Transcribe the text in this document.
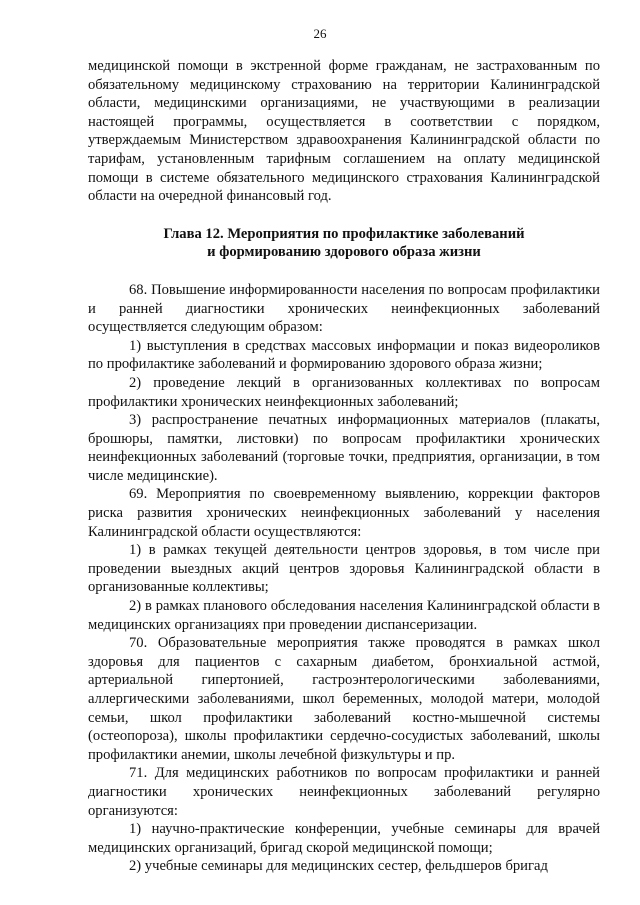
26

медицинской помощи в экстренной форме гражданам, не застрахованным по обязательному медицинскому страхованию на территории Калининградской области, медицинскими организациями, не участвующими в реализации настоящей программы, осуществляется в соответствии с порядком, утверждаемым Министерством здравоохранения Калининградской области по тарифам, установленным тарифным соглашением на оплату медицинской помощи в системе обязательного медицинского страхования Калининградской области на очередной финансовый год.

Глава 12. Мероприятия по профилактике заболеваний
и формированию здорового образа жизни

68. Повышение информированности населения по вопросам профилактики и ранней диагностики хронических неинфекционных заболеваний осуществляется следующим образом:

1) выступления в средствах массовых информации и показ видеороликов по профилактике заболеваний и формированию здорового образа жизни;

2) проведение лекций в организованных коллективах по вопросам профилактики хронических неинфекционных заболеваний;

3) распространение печатных информационных материалов (плакаты, брошюры, памятки, листовки) по вопросам профилактики хронических неинфекционных заболеваний (торговые точки, предприятия, организации, в том числе медицинские).

69. Мероприятия по своевременному выявлению, коррекции факторов риска развития хронических неинфекционных заболеваний у населения Калининградской области осуществляются:

1) в рамках текущей деятельности центров здоровья, в том числе при проведении выездных акций центров здоровья Калининградской области в организованные коллективы;

2) в рамках планового обследования населения Калининградской области в медицинских организациях при проведении диспансеризации.

70. Образовательные мероприятия также проводятся в рамках школ здоровья для пациентов с сахарным диабетом, бронхиальной астмой, артериальной гипертонией, гастроэнтерологическими заболеваниями, аллергическими заболеваниями, школ беременных, молодой матери, молодой семьи, школ профилактики заболеваний костно-мышечной системы (остеопороза), школы профилактики сердечно-сосудистых заболеваний, школы профилактики анемии, школы лечебной физкультуры и пр.

71. Для медицинских работников по вопросам профилактики и ранней диагностики хронических неинфекционных заболеваний регулярно организуются:

1) научно-практические конференции, учебные семинары для врачей медицинских организаций, бригад скорой медицинской помощи;

2) учебные семинары для медицинских сестер, фельдшеров бригад
